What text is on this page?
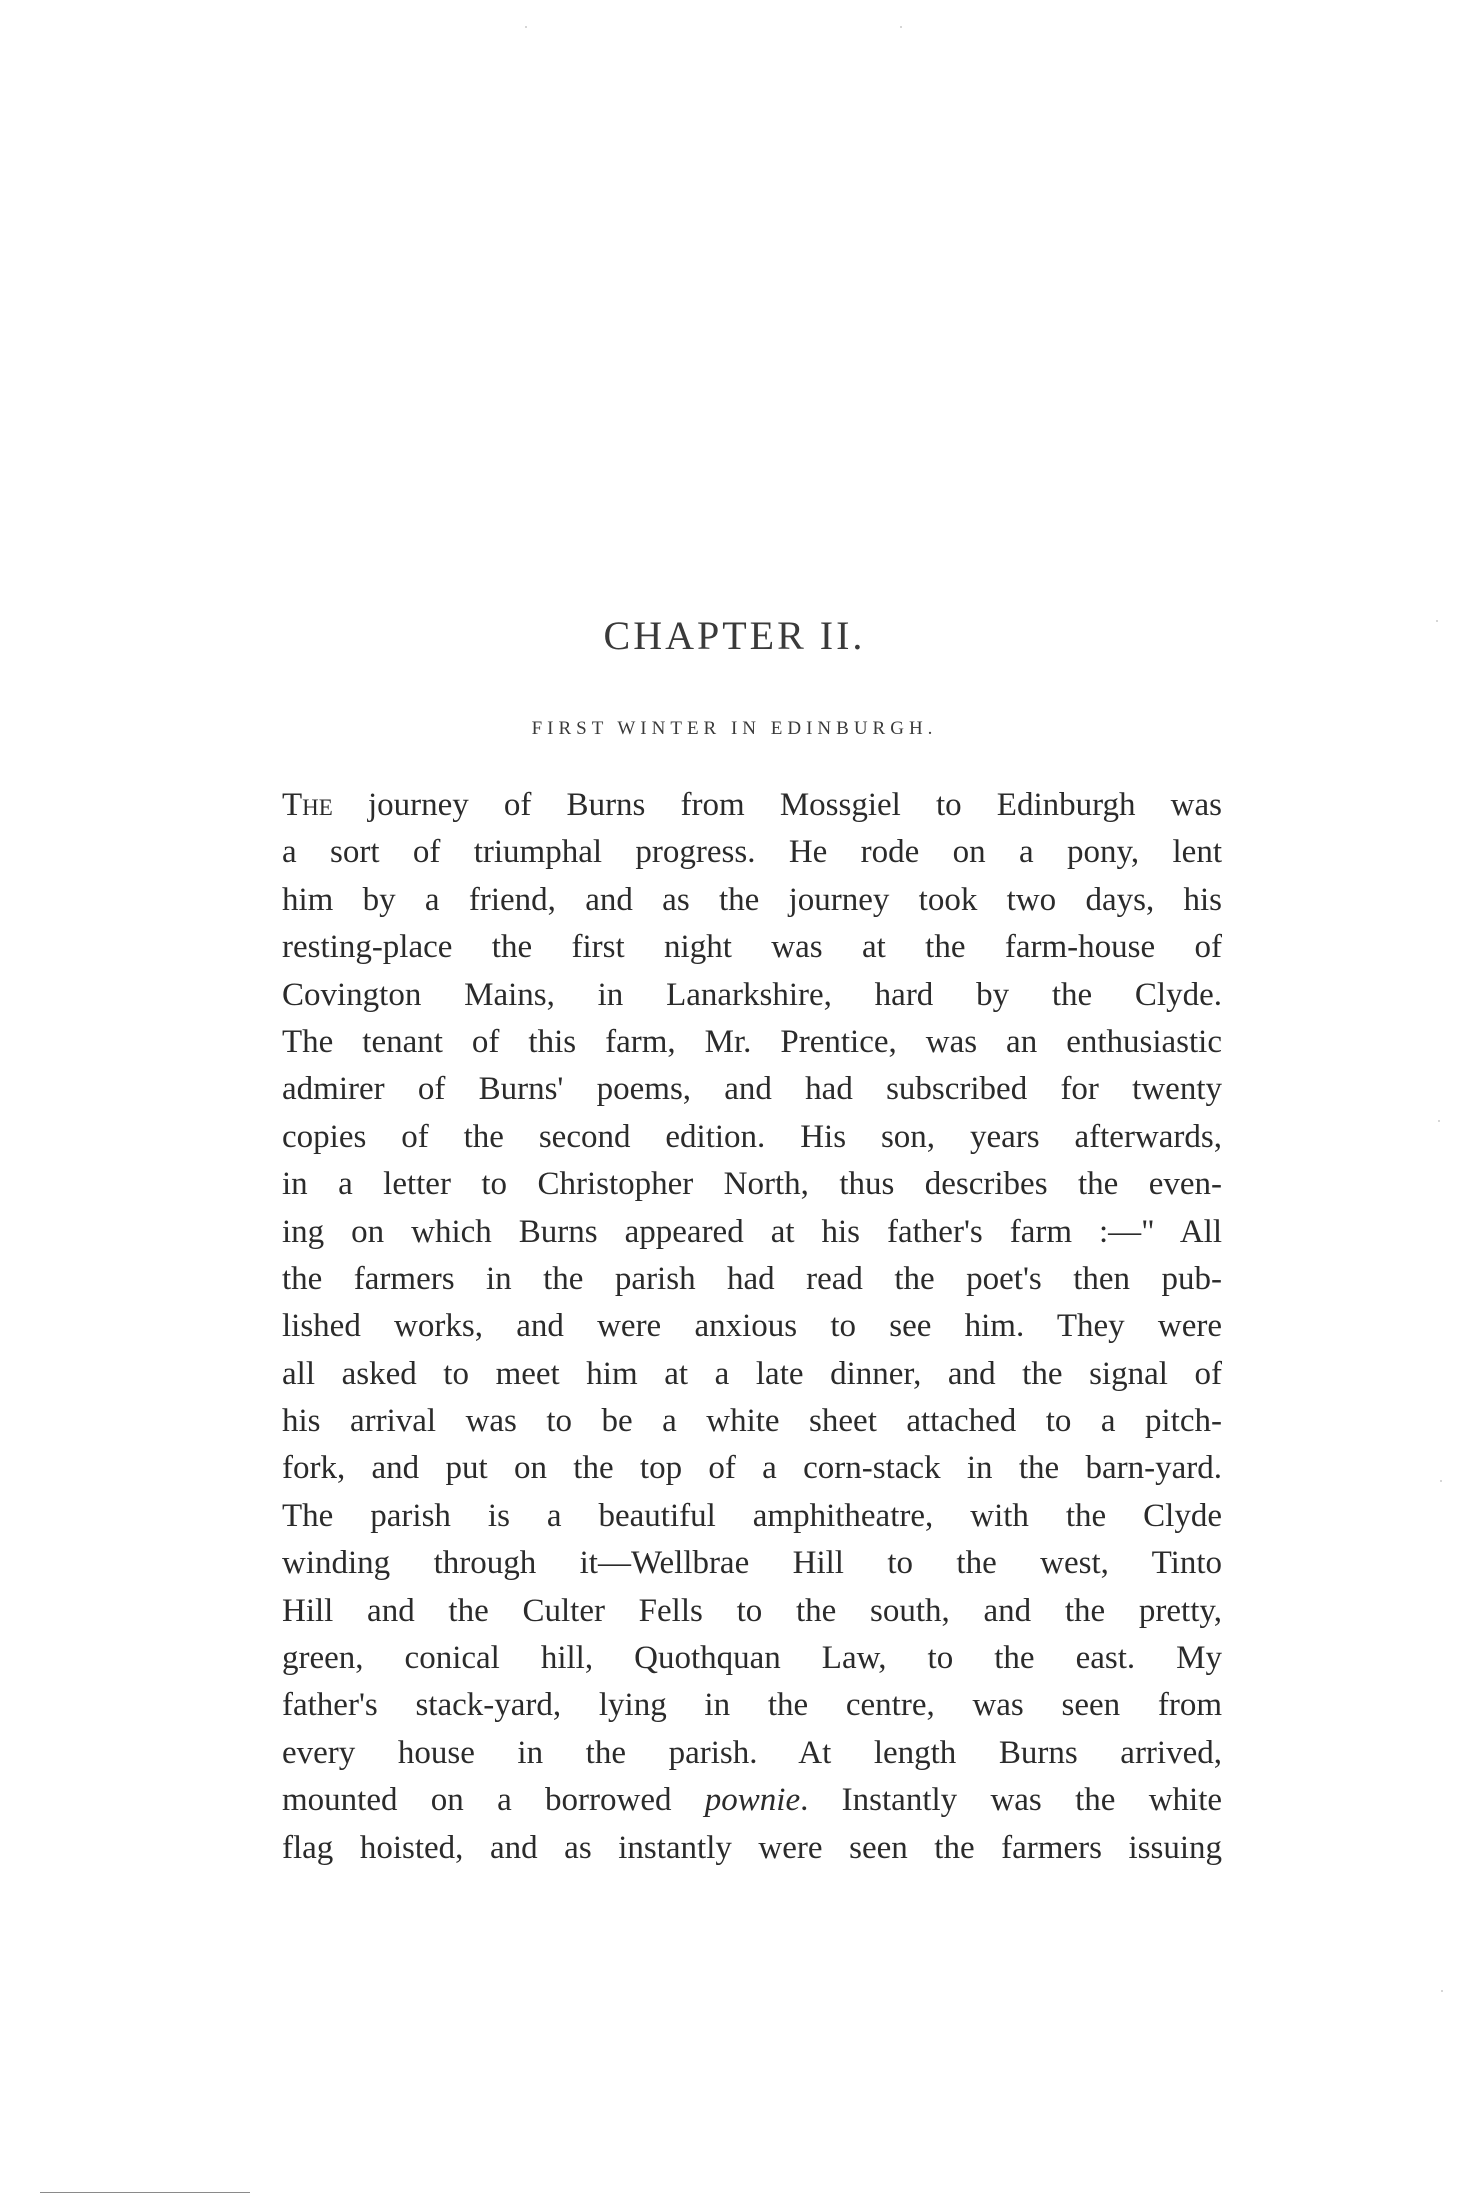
CHAPTER II.
FIRST WINTER IN EDINBURGH.
The journey of Burns from Mossgiel to Edinburgh was
a sort of triumphal progress. He rode on a pony, lent
him by a friend, and as the journey took two days, his
resting-place the first night was at the farm-house of
Covington Mains, in Lanarkshire, hard by the Clyde.
The tenant of this farm, Mr. Prentice, was an enthusiastic
admirer of Burns' poems, and had subscribed for twenty
copies of the second edition. His son, years afterwards,
in a letter to Christopher North, thus describes the even-
ing on which Burns appeared at his father's farm :—" All
the farmers in the parish had read the poet's then pub-
lished works, and were anxious to see him. They were
all asked to meet him at a late dinner, and the signal of
his arrival was to be a white sheet attached to a pitch-
fork, and put on the top of a corn-stack in the barn-yard.
The parish is a beautiful amphitheatre, with the Clyde
winding through it—Wellbrae Hill to the west, Tinto
Hill and the Culter Fells to the south, and the pretty,
green, conical hill, Quothquan Law, to the east. My
father's stack-yard, lying in the centre, was seen from
every house in the parish. At length Burns arrived,
mounted on a borrowed pownie. Instantly was the white
flag hoisted, and as instantly were seen the farmers issuing
